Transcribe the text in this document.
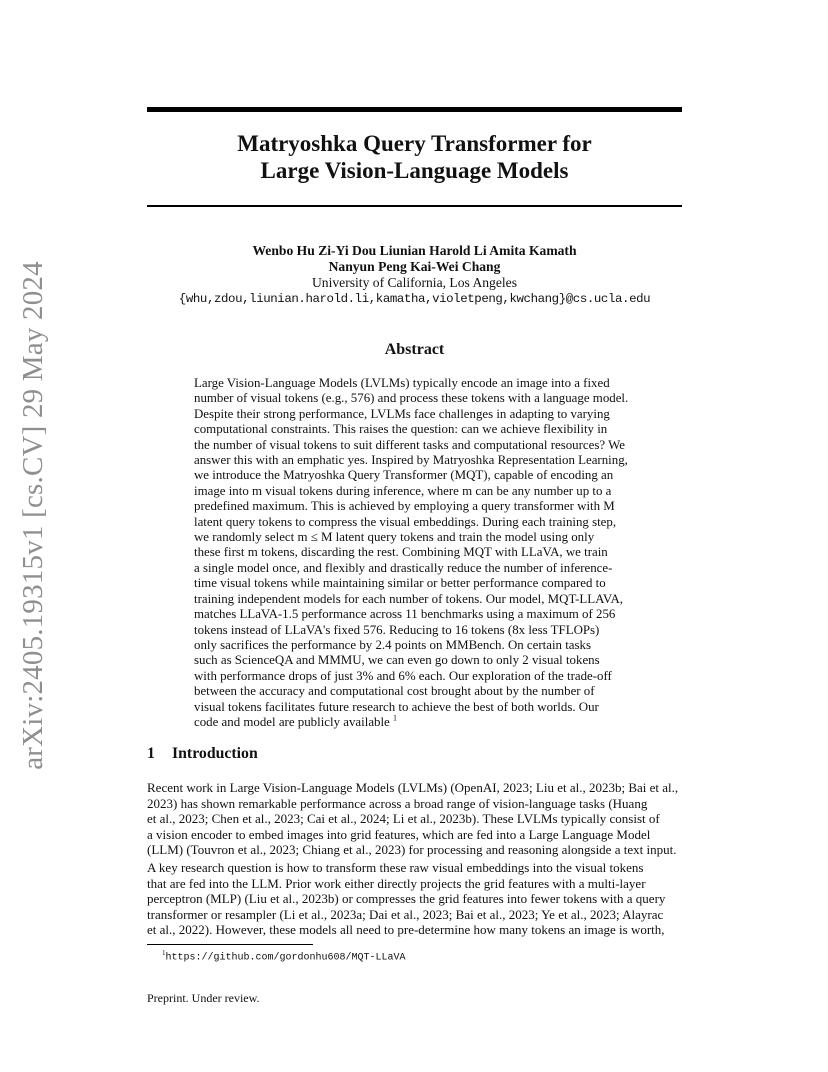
arXiv:2405.19315v1 [cs.CV] 29 May 2024
Matryoshka Query Transformer for
Large Vision-Language Models
Wenbo Hu Zi-Yi Dou Liunian Harold Li Amita Kamath
Nanyun Peng Kai-Wei Chang
University of California, Los Angeles
{whu,zdou,liunian.harold.li,kamatha,violetpeng,kwchang}@cs.ucla.edu
Abstract
Large Vision-Language Models (LVLMs) typically encode an image into a fixed
number of visual tokens (e.g., 576) and process these tokens with a language model.
Despite their strong performance, LVLMs face challenges in adapting to varying
computational constraints. This raises the question: can we achieve flexibility in
the number of visual tokens to suit different tasks and computational resources? We
answer this with an emphatic yes. Inspired by Matryoshka Representation Learning,
we introduce the Matryoshka Query Transformer (MQT), capable of encoding an
image into m visual tokens during inference, where m can be any number up to a
predefined maximum. This is achieved by employing a query transformer with M
latent query tokens to compress the visual embeddings. During each training step,
we randomly select m ≤ M latent query tokens and train the model using only
these first m tokens, discarding the rest. Combining MQT with LLaVA, we train
a single model once, and flexibly and drastically reduce the number of inference-
time visual tokens while maintaining similar or better performance compared to
training independent models for each number of tokens. Our model, MQT-LLAVA,
matches LLaVA-1.5 performance across 11 benchmarks using a maximum of 256
tokens instead of LLaVA's fixed 576. Reducing to 16 tokens (8x less TFLOPs)
only sacrifices the performance by 2.4 points on MMBench. On certain tasks
such as ScienceQA and MMMU, we can even go down to only 2 visual tokens
with performance drops of just 3% and 6% each. Our exploration of the trade-off
between the accuracy and computational cost brought about by the number of
visual tokens facilitates future research to achieve the best of both worlds. Our
code and model are publicly available $^1$
1 Introduction
Recent work in Large Vision-Language Models (LVLMs) (OpenAI, 2023; Liu et al., 2023b; Bai et al.,
2023) has shown remarkable performance across a broad range of vision-language tasks (Huang
et al., 2023; Chen et al., 2023; Cai et al., 2024; Li et al., 2023b). These LVLMs typically consist of
a vision encoder to embed images into grid features, which are fed into a Large Language Model
(LLM) (Touvron et al., 2023; Chiang et al., 2023) for processing and reasoning alongside a text input.
A key research question is how to transform these raw visual embeddings into the visual tokens
that are fed into the LLM. Prior work either directly projects the grid features with a multi-layer
perceptron (MLP) (Liu et al., 2023b) or compresses the grid features into fewer tokens with a query
transformer or resampler (Li et al., 2023a; Dai et al., 2023; Bai et al., 2023; Ye et al., 2023; Alayrac
et al., 2022). However, these models all need to pre-determine how many tokens an image is worth,
$^1$https://github.com/gordonhu608/MQT-LLaVA

Preprint. Under review.
